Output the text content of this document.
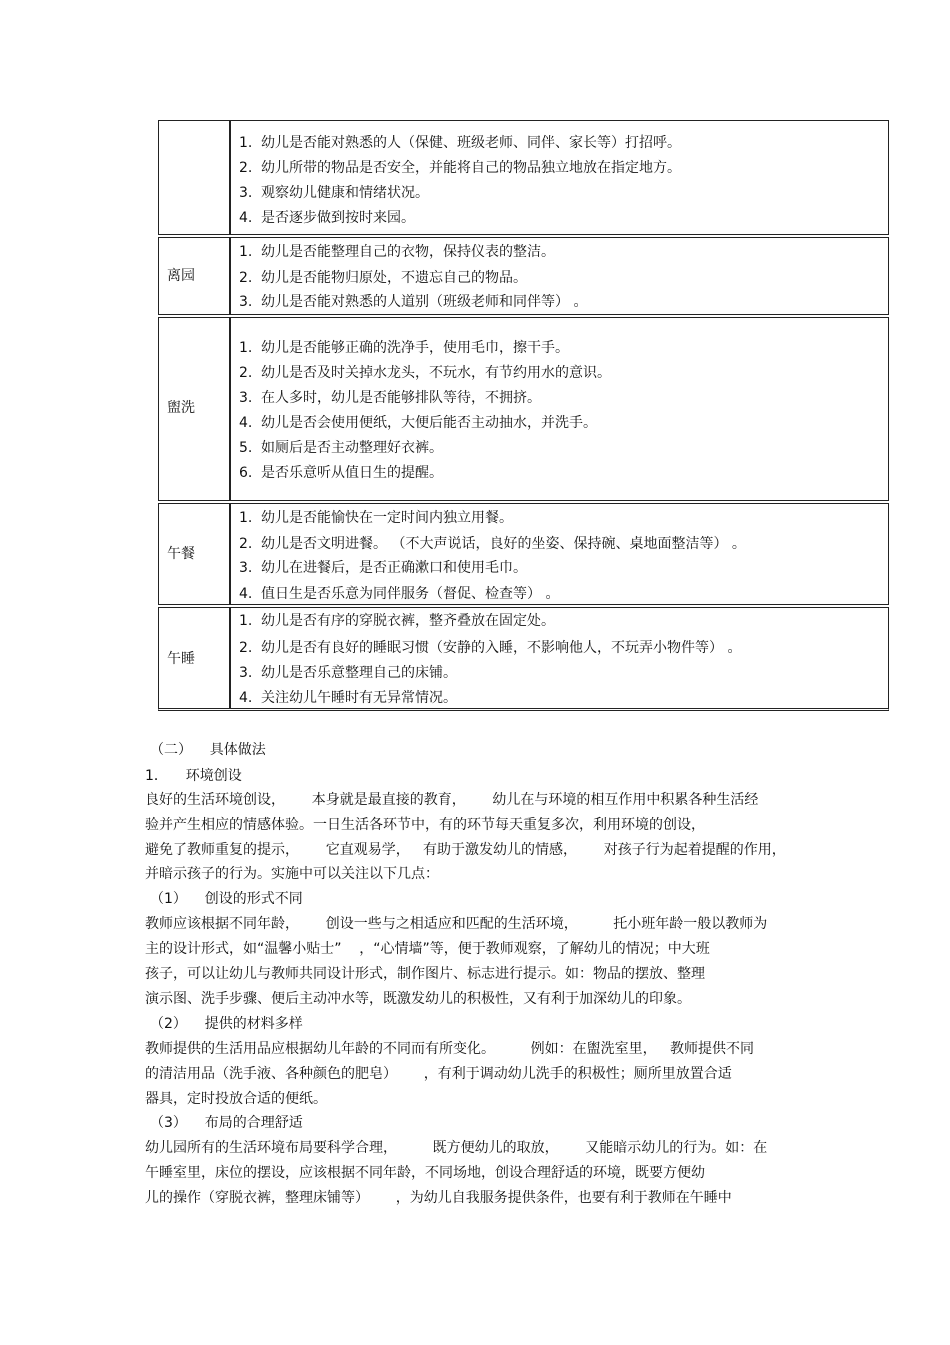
1. 幼儿是否能对熟悉的人（保健、班级老师、同伴、家长等）打招呼。
2. 幼儿所带的物品是否安全，并能将自己的物品独立地放在指定地方。
3. 观察幼儿健康和情绪状况。
4. 是否逐步做到按时来园。
离园
1. 幼儿是否能整理自己的衣物，保持仪表的整洁。
2. 幼儿是否能物归原处，不遗忘自己的物品。
3. 幼儿是否能对熟悉的人道别（班级老师和同伴等） 。
盥洗
1. 幼儿是否能够正确的洗净手，使用毛巾，擦干手。
2. 幼儿是否及时关掉水龙头，不玩水，有节约用水的意识。
3. 在人多时，幼儿是否能够排队等待，不拥挤。
4. 幼儿是否会使用便纸，大便后能否主动抽水，并洗手。
5. 如厕后是否主动整理好衣裤。
6. 是否乐意听从值日生的提醒。
午餐
1. 幼儿是否能愉快在一定时间内独立用餐。
2. 幼儿是否文明进餐。 （不大声说话，良好的坐姿、保持碗、桌地面整洁等） 。
3. 幼儿在进餐后，是否正确漱口和使用毛巾。
4. 值日生是否乐意为同伴服务（督促、检查等） 。
午睡
1. 幼儿是否有序的穿脱衣裤，整齐叠放在固定处。
2. 幼儿是否有良好的睡眠习惯（安静的入睡，不影响他人，不玩弄小物件等） 。
3. 幼儿是否乐意整理自己的床铺。
4. 关注幼儿午睡时有无异常情况。
（二）    具体做法
1．    环境创设
良好的生活环境创设，      本身就是最直接的教育，      幼儿在与环境的相互作用中积累各种生活经
验并产生相应的情感体验。一日生活各环节中，有的环节每天重复多次，利用环境的创设，
避免了教师重复的提示，      它直观易学，   有助于激发幼儿的情感，      对孩子行为起着提醒的作用，
并暗示孩子的行为。实施中可以关注以下几点：
（1）    创设的形式不同
教师应该根据不同年龄，      创设一些与之相适应和匹配的生活环境，        托小班年龄一般以教师为
主的设计形式，如“温馨小贴士”    ，“心情墙”等，便于教师观察，了解幼儿的情况；中大班
孩子，可以让幼儿与教师共同设计形式，制作图片、标志进行提示。如：物品的摆放、整理
演示图、洗手步骤、便后主动冲水等，既激发幼儿的积极性，又有利于加深幼儿的印象。
（2）    提供的材料多样
教师提供的生活用品应根据幼儿年龄的不同而有所变化。        例如：在盥洗室里，   教师提供不同
的清洁用品（洗手液、各种颜色的肥皂）      ，有利于调动幼儿洗手的积极性；厕所里放置合适
器具，定时投放合适的便纸。
（3）    布局的合理舒适
幼儿园所有的生活环境布局要科学合理，        既方便幼儿的取放，      又能暗示幼儿的行为。如：在
午睡室里，床位的摆设，应该根据不同年龄，不同场地，创设合理舒适的环境，既要方便幼
儿的操作（穿脱衣裤，整理床铺等）      ，为幼儿自我服务提供条件，也要有利于教师在午睡中
